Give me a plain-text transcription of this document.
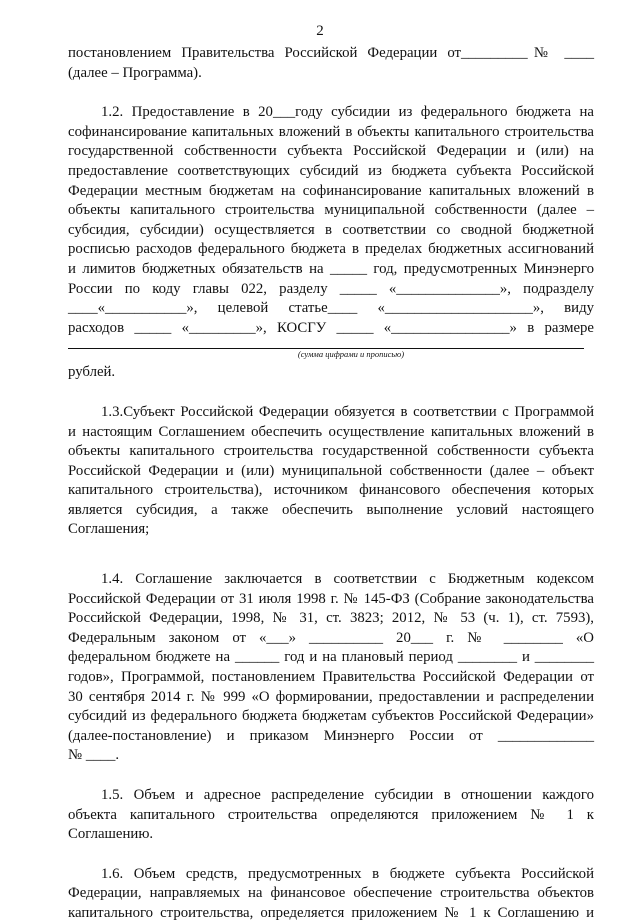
2
постановлением Правительства Российской Федерации от_________№ ____
(далее – Программа).
1.2. Предоставление в 20___году субсидии из федерального бюджета на
софинансирование капитальных вложений в объекты капитального строительства
государственной собственности субъекта Российской Федерации и (или) на
предоставление соответствующих субсидий из бюджета субъекта Российской
Федерации местным бюджетам на софинансирование капитальных вложений в
объекты капитального строительства муниципальной собственности (далее –
субсидия, субсидии) осуществляется в соответствии со сводной бюджетной
росписью расходов федерального бюджета в пределах бюджетных ассигнований
и лимитов бюджетных обязательств на _____ год, предусмотренных Минэнерго
России по коду главы 022, разделу _____ «______________», подразделу
____«___________», целевой статье____ «____________________», виду
расходов _____ «_________», КОСГУ _____ «________________» в размере
(сумма цифрами и прописью)
рублей.
1.3.Субъект Российской Федерации обязуется в соответствии с Программой
и настоящим Соглашением обеспечить осуществление капитальных вложений в
объекты капитального строительства государственной собственности субъекта
Российской Федерации и (или) муниципальной собственности (далее – объект
капитального строительства), источником финансового обеспечения которых
является субсидия, а также обеспечить выполнение условий настоящего
Соглашения;
1.4. Соглашение заключается в соответствии с Бюджетным кодексом
Российской Федерации от 31 июля 1998 г. № 145-ФЗ (Собрание законодательства
Российской Федерации, 1998, № 31, ст. 3823; 2012, № 53 (ч. 1), ст. 7593),
Федеральным законом от «___» __________ 20___ г. № ________ «О
федеральном бюджете на ______ год и на плановый период ________ и ________
годов», Программой, постановлением Правительства Российской Федерации от
30 сентября 2014 г. № 999 «О формировании, предоставлении и распределении
субсидий из федерального бюджета бюджетам субъектов Российской Федерации»
(далее-постановление) и приказом Минэнерго России от _____________
№ ____.
1.5. Объем и адресное распределение субсидии в отношении каждого
объекта капитального строительства определяются приложением № 1 к
Соглашению.
1.6. Объем средств, предусмотренных в бюджете субъекта Российской
Федерации, направляемых на финансовое обеспечение строительства объектов
капитального строительства, определяется приложением № 1 к Соглашению и
